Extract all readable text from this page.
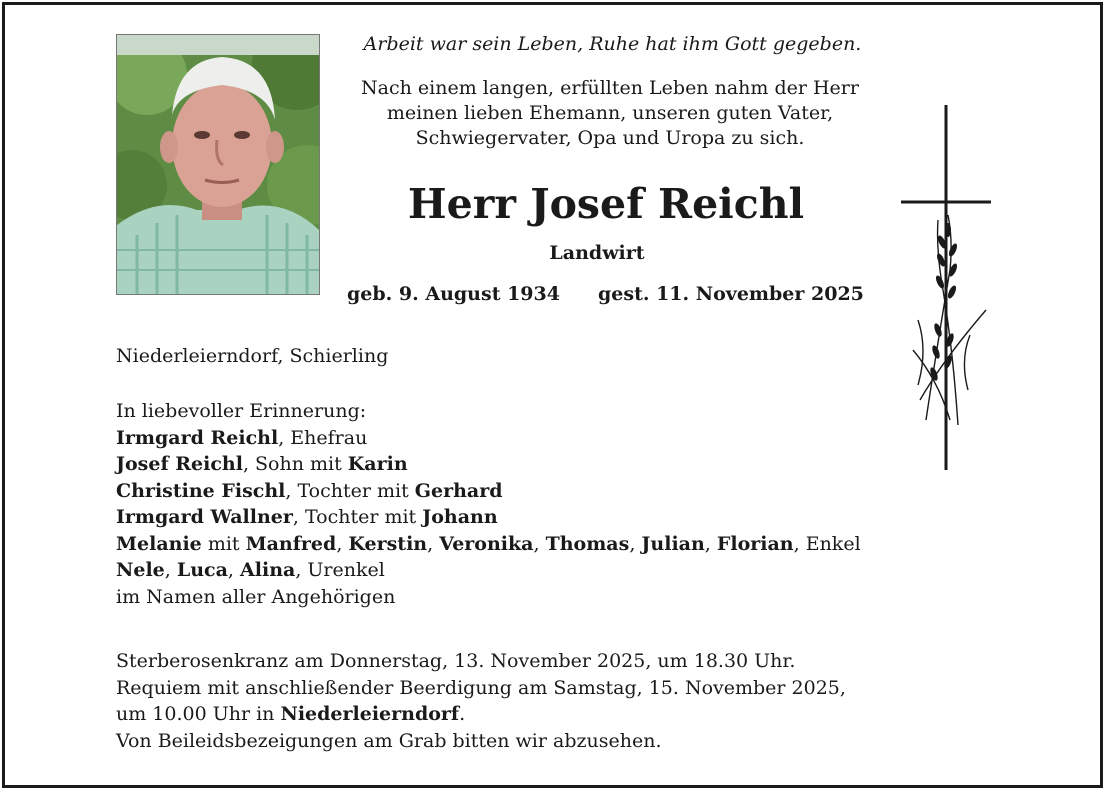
Arbeit war sein Leben, Ruhe hat ihm Gott gegeben.
Nach einem langen, erfüllten Leben nahm der Herr
meinen lieben Ehemann, unseren guten Vater,
Schwiegervater, Opa und Uropa zu sich.
Herr Josef Reichl
Landwirt
geb. 9. August 1934 gest. 11. November 2025
Niederleierndorf, Schierling
In liebevoller Erinnerung:
Irmgard Reichl, Ehefrau
Josef Reichl, Sohn mit Karin
Christine Fischl, Tochter mit Gerhard
Irmgard Wallner, Tochter mit Johann
Melanie mit Manfred, Kerstin, Veronika, Thomas, Julian, Florian, Enkel
Nele, Luca, Alina, Urenkel
im Namen aller Angehörigen
Sterberosenkranz am Donnerstag, 13. November 2025, um 18.30 Uhr.
Requiem mit anschließender Beerdigung am Samstag, 15. November 2025,
um 10.00 Uhr in Niederleierndorf.
Von Beileidsbezeigungen am Grab bitten wir abzusehen.
